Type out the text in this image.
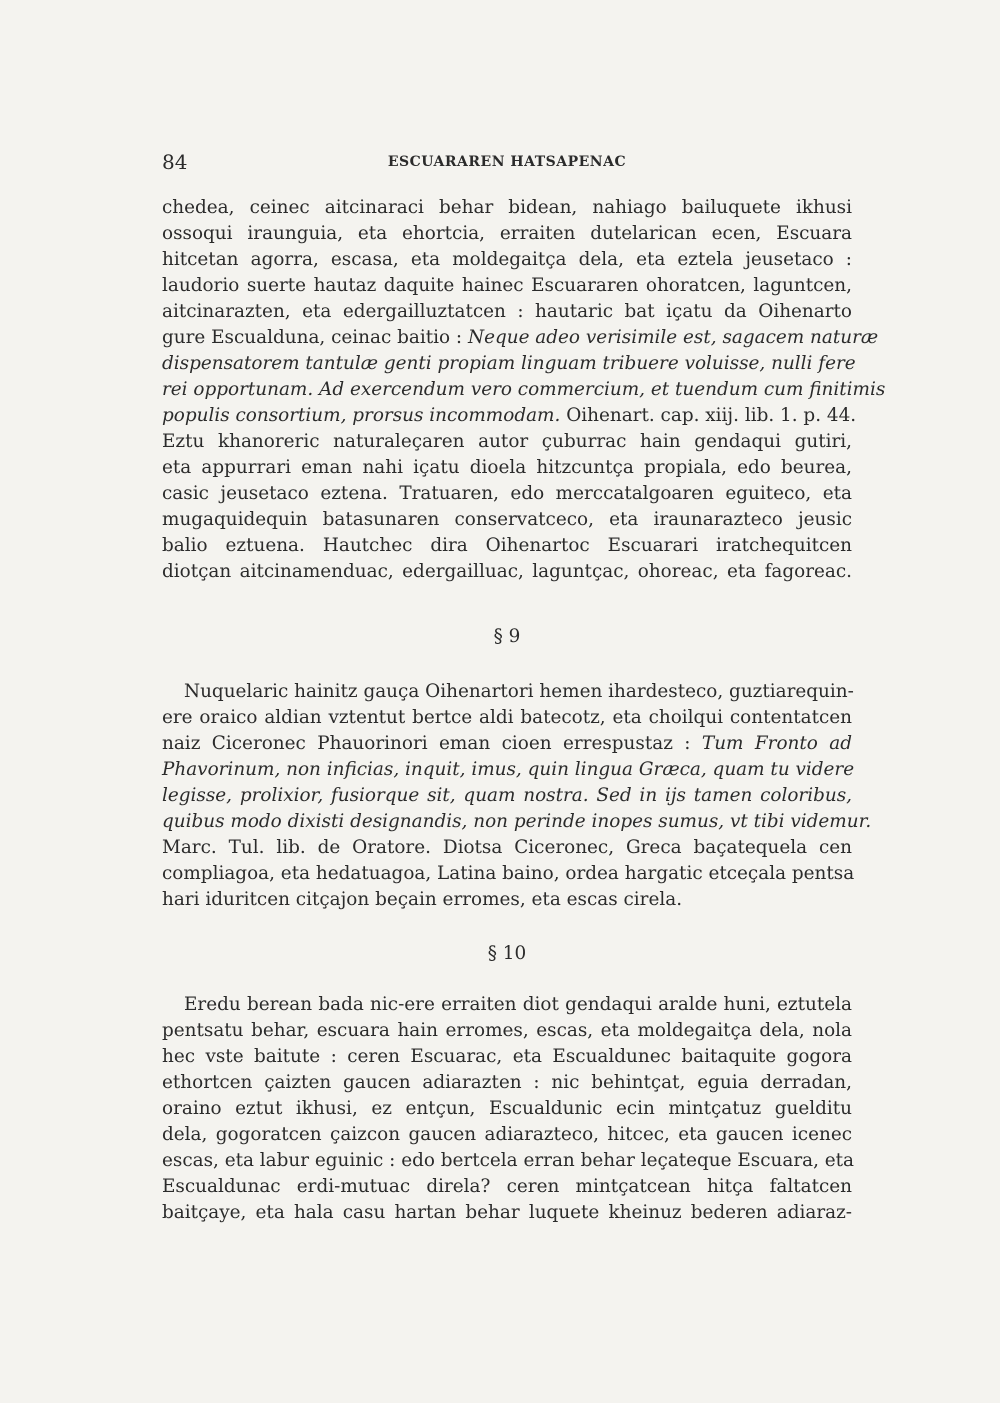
84	ESCUARAREN HATSAPENAC
chedea, ceinec aitcinaraci behar bidean, nahiago bailuquete ikhusi
ossoqui iraunguia, eta ehortcia, erraiten dutelarican ecen, Escuara
hitcetan agorra, escasa, eta moldegaitça dela, eta eztela jeusetaco :
laudorio suerte hautaz daquite hainec Escuararen ohoratcen, laguntcen,
aitcinarazten, eta edergailluztatcen : hautaric bat içatu da Oihenarto
gure Escualduna, ceinac baitio : Neque adeo verisimile est, sagacem naturæ
dispensatorem tantulæ genti propiam linguam tribuere voluisse, nulli fere
rei opportunam. Ad exercendum vero commercium, et tuendum cum finitimis
populis consortium, prorsus incommodam. Oihenart. cap. xiij. lib. 1. p. 44.
Eztu khanoreric naturaleçaren autor çuburrac hain gendaqui gutiri,
eta appurrari eman nahi içatu dioela hitzcuntça propiala, edo beurea,
casic jeusetaco eztena. Tratuaren, edo merccatalgoaren eguiteco, eta
mugaquidequin batasunaren conservatceco, eta iraunarazteco jeusic
balio eztuena. Hautchec dira Oihenartoc Escuarari iratchequitcen
diotçan aitcinamenduac, edergailluac, laguntçac, ohoreac, eta fagoreac.
§ 9
Nuquelaric hainitz gauça Oihenartori hemen ihardesteco, guztiarequin-
ere oraico aldian vztentut bertce aldi batecotz, eta choilqui contentatcen
naiz Ciceronec Phauorinori eman cioen errespustaz : Tum Fronto ad
Phavorinum, non inficias, inquit, imus, quin lingua Græca, quam tu videre
legisse, prolixior, fusiorque sit, quam nostra. Sed in ijs tamen coloribus,
quibus modo dixisti designandis, non perinde inopes sumus, vt tibi videmur.
Marc. Tul. lib. de Oratore. Diotsa Ciceronec, Greca baçatequela cen
compliagoa, eta hedatuagoa, Latina baino, ordea hargatic etceçala pentsa
hari iduritcen citçajon beçain erromes, eta escas cirela.
§ 10
Eredu berean bada nic-ere erraiten diot gendaqui aralde huni, eztutela
pentsatu behar, escuara hain erromes, escas, eta moldegaitça dela, nola
hec vste baitute : ceren Escuarac, eta Escualdunec baitaquite gogora
ethortcen çaizten gaucen adiarazten : nic behintçat, eguia derradan,
oraino eztut ikhusi, ez entçun, Escualdunic ecin mintçatuz guelditu
dela, gogoratcen çaizcon gaucen adiarazteco, hitcec, eta gaucen icenec
escas, eta labur eguinic : edo bertcela erran behar leçateque Escuara, eta
Escualdunac erdi-mutuac direla? ceren mintçatcean hitça faltatcen
baitçaye, eta hala casu hartan behar luquete kheinuz bederen adiaraz-
